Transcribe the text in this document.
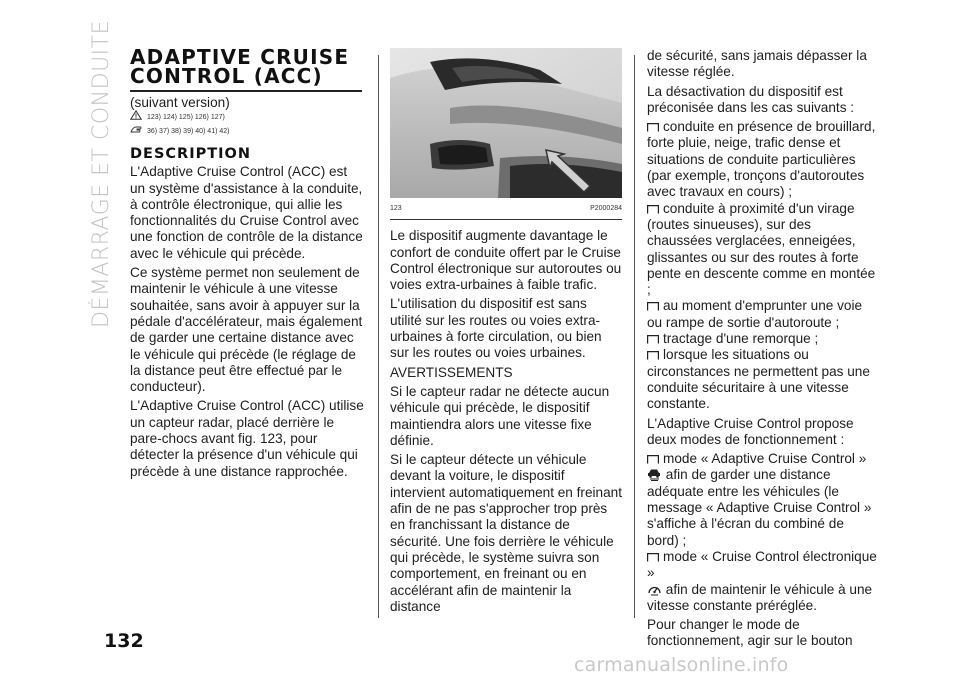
DÉMARRAGE ET CONDUITE
132
ADAPTIVE CRUISE
CONTROL (ACC)
(suivant version)
123) 124) 125) 126) 127)
36) 37) 38) 39) 40) 41) 42)
DESCRIPTION

L'Adaptive Cruise Control (ACC) est un système d'assistance à la conduite, à contrôle électronique, qui allie les fonctionnalités du Cruise Control avec une fonction de contrôle de la distance avec le véhicule qui précède.

Ce système permet non seulement de maintenir le véhicule à une vitesse souhaitée, sans avoir à appuyer sur la pédale d'accélérateur, mais également de garder une certaine distance avec le véhicule qui précède (le réglage de la distance peut être effectué par le conducteur).

L'Adaptive Cruise Control (ACC) utilise un capteur radar, placé derrière le pare-chocs avant fig. 123, pour détecter la présence d'un véhicule qui précède à une distance rapprochée.

123	P2000284

Le dispositif augmente davantage le confort de conduite offert par le Cruise Control électronique sur autoroutes ou voies extra-urbaines à faible trafic.

L'utilisation du dispositif est sans utilité sur les routes ou voies extra-urbaines à forte circulation, ou bien sur les routes ou voies urbaines.

AVERTISSEMENTS

Si le capteur radar ne détecte aucun véhicule qui précède, le dispositif maintiendra alors une vitesse fixe définie.

Si le capteur détecte un véhicule devant la voiture, le dispositif intervient automatiquement en freinant afin de ne pas s'approcher trop près en franchissant la distance de sécurité. Une fois derrière le véhicule qui précède, le système suivra son comportement, en freinant ou en accélérant afin de maintenir la distance

de sécurité, sans jamais dépasser la vitesse réglée.

La désactivation du dispositif est préconisée dans les cas suivants :

conduite en présence de brouillard, forte pluie, neige, trafic dense et situations de conduite particulières (par exemple, tronçons d'autoroutes avec travaux en cours) ;
conduite à proximité d'un virage (routes sinueuses), sur des chaussées verglacées, enneigées, glissantes ou sur des routes à forte pente en descente comme en montée ;
au moment d'emprunter une voie ou rampe de sortie d'autoroute ;
tractage d'une remorque ;
lorsque les situations ou circonstances ne permettent pas une conduite sécuritaire à une vitesse constante.

L'Adaptive Cruise Control propose deux modes de fonctionnement :

mode « Adaptive Cruise Control »
afin de garder une distance adéquate entre les véhicules (le message « Adaptive Cruise Control » s'affiche à l'écran du combiné de bord) ;
mode « Cruise Control électronique »

afin de maintenir le véhicule à une vitesse constante préréglée.

Pour changer le mode de fonctionnement, agir sur le bouton

carmanualsonline.info
